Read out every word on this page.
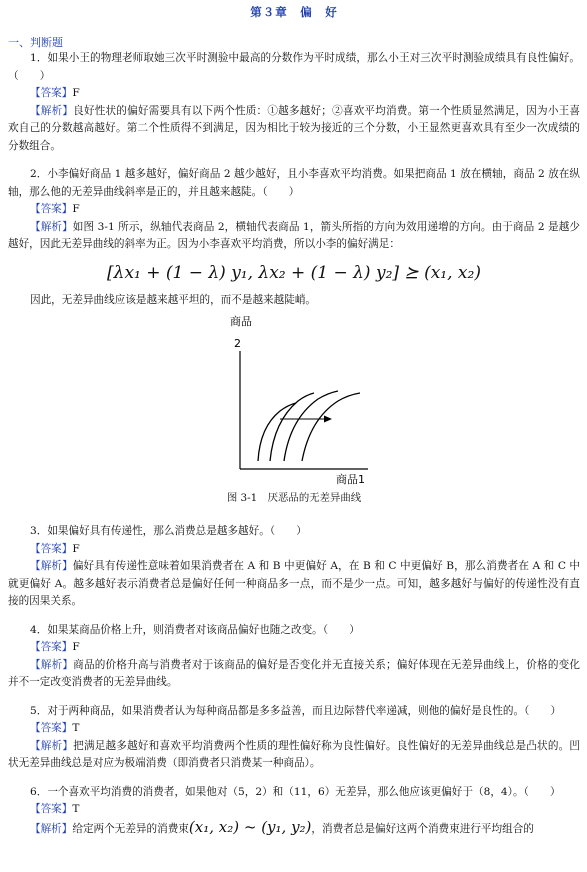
第３章　偏　好
一、判断题

1．如果小王的物理老师取她三次平时测验中最高的分数作为平时成绩，那么小王对三次平时测验成绩具有良性偏好。（　　）

【答案】F

【解析】良好性状的偏好需要具有以下两个性质：①越多越好；②喜欢平均消费。第一个性质显然满足，因为小王喜欢自己的分数越高越好。第二个性质得不到满足，因为相比于较为接近的三个分数，小王显然更喜欢具有至少一次成绩的分数组合。

2．小李偏好商品 1 越多越好，偏好商品 2 越少越好，且小李喜欢平均消费。如果把商品 1 放在横轴，商品 2 放在纵轴，那么他的无差异曲线斜率是正的，并且越来越陡。（　　）

【答案】F

【解析】如图 3-1 所示，纵轴代表商品 2，横轴代表商品 1，箭头所指的方向为效用递增的方向。由于商品 2 是越少越好，因此无差异曲线的斜率为正。因为小李喜欢平均消费，所以小李的偏好满足：

[λx₁ + (1 − λ) y₁, λx₂ + (1 − λ) y₂] ⪰ (x₁, x₂)

因此，无差异曲线应该是越来越平坦的，而不是越来越陡峭。

商品
2
商品1
图 3-1　厌恶品的无差异曲线

3．如果偏好具有传递性，那么消费总是越多越好。（　　）

【答案】F

【解析】偏好具有传递性意味着如果消费者在 A 和 B 中更偏好 A，在 B 和 C 中更偏好 B，那么消费者在 A 和 C 中就更偏好 A。越多越好表示消费者总是偏好任何一种商品多一点，而不是少一点。可知，越多越好与偏好的传递性没有直接的因果关系。

4．如果某商品价格上升，则消费者对该商品偏好也随之改变。（　　）

【答案】F

【解析】商品的价格升高与消费者对于该商品的偏好是否变化并无直接关系；偏好体现在无差异曲线上，价格的变化并不一定改变消费者的无差异曲线。

5．对于两种商品，如果消费者认为每种商品都是多多益善，而且边际替代率递减，则他的偏好是良性的。（　　）

【答案】T

【解析】把满足越多越好和喜欢平均消费两个性质的理性偏好称为良性偏好。良性偏好的无差异曲线总是凸状的。凹状无差异曲线总是对应为极端消费（即消费者只消费某一种商品）。

6．一个喜欢平均消费的消费者，如果他对（5，2）和（11，6）无差异，那么他应该更偏好于（8，4）。（　　）

【答案】T

【解析】给定两个无差异的消费束(x₁, x₂) ~ (y₁, y₂)，消费者总是偏好这两个消费束进行平均组合的
